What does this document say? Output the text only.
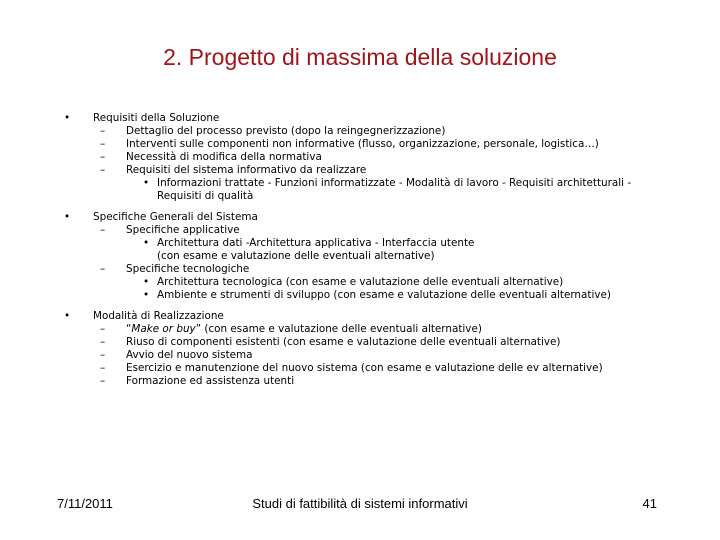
2. Progetto di massima della soluzione
• Requisiti della Soluzione
– Dettaglio del processo previsto (dopo la reingegnerizzazione)
– Interventi sulle componenti non informative (flusso, organizzazione, personale, logistica…)
– Necessità di modifica della normativa
– Requisiti del sistema informativo da realizzare
• Informazioni trattate - Funzioni informatizzate - Modalità di lavoro - Requisiti architetturali -
Requisiti di qualità
• Specifiche Generali del Sistema
– Specifiche applicative
• Architettura dati -Architettura applicativa - Interfaccia utente
(con esame e valutazione delle eventuali alternative)
– Specifiche tecnologiche
• Architettura tecnologica (con esame e valutazione delle eventuali alternative)
• Ambiente e strumenti di sviluppo (con esame e valutazione delle eventuali alternative)
• Modalità di Realizzazione
– “Make or buy” (con esame e valutazione delle eventuali alternative)
– Riuso di componenti esistenti (con esame e valutazione delle eventuali alternative)
– Avvio del nuovo sistema
– Esercizio e manutenzione del nuovo sistema (con esame e valutazione delle ev alternative)
– Formazione ed assistenza utenti
7/11/2011	Studi di fattibilità di sistemi informativi	41
